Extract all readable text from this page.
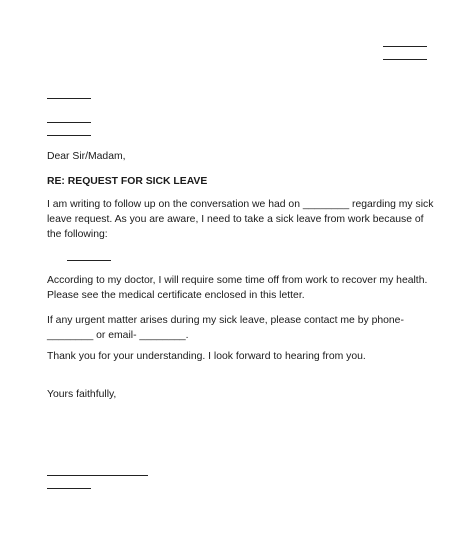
Dear Sir/Madam,
RE: REQUEST FOR SICK LEAVE
I am writing to follow up on the conversation we had on ________ regarding my sick
leave request. As you are aware, I need to take a sick leave from work because of
the following:
According to my doctor, I will require some time off from work to recover my health.
Please see the medical certificate enclosed in this letter.
If any urgent matter arises during my sick leave, please contact me by phone-
________ or email- ________.
Thank you for your understanding. I look forward to hearing from you.
Yours faithfully,
